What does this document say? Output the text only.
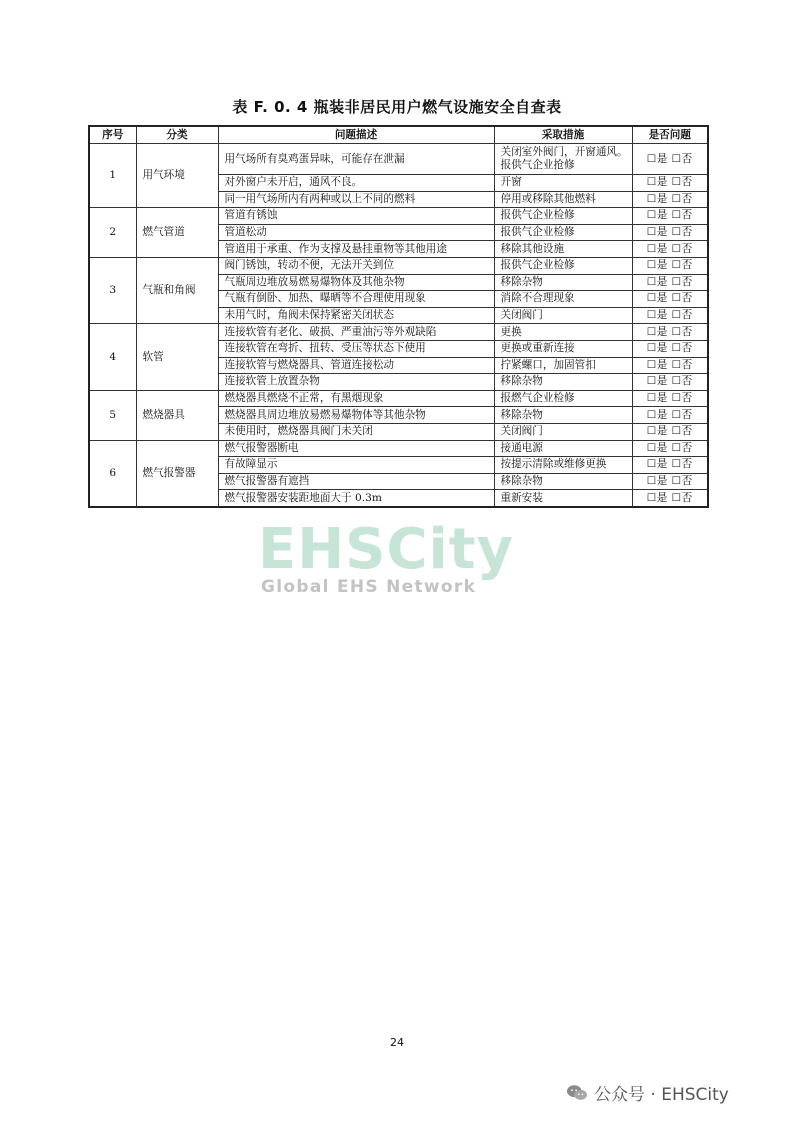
表 F. 0. 4 瓶装非居民用户燃气设施安全自查表
序号	分类	问题描述	采取措施	是否问题
1	用气环境	用气场所有臭鸡蛋异味，可能存在泄漏	关闭室外阀门，开窗通风。报供气企业抢修	☐是 ☐否
		对外窗户未开启，通风不良。	开窗	☐是 ☐否
		同一用气场所内有两种或以上不同的燃料	停用或移除其他燃料	☐是 ☐否
2	燃气管道	管道有锈蚀	报供气企业检修	☐是 ☐否
		管道松动	报供气企业检修	☐是 ☐否
		管道用于承重、作为支撑及悬挂重物等其他用途	移除其他设施	☐是 ☐否
3	气瓶和角阀	阀门锈蚀，转动不便，无法开关到位	报供气企业检修	☐是 ☐否
		气瓶周边堆放易燃易爆物体及其他杂物	移除杂物	☐是 ☐否
		气瓶有倒卧、加热、曝晒等不合理使用现象	消除不合理现象	☐是 ☐否
		未用气时，角阀未保持紧密关闭状态	关闭阀门	☐是 ☐否
4	软管	连接软管有老化、破损、严重油污等外观缺陷	更换	☐是 ☐否
		连接软管在弯折、扭转、受压等状态下使用	更换或重新连接	☐是 ☐否
		连接软管与燃烧器具、管道连接松动	拧紧螺口，加固管扣	☐是 ☐否
		连接软管上放置杂物	移除杂物	☐是 ☐否
5	燃烧器具	燃烧器具燃烧不正常，有黑烟现象	报燃气企业检修	☐是 ☐否
		燃烧器具周边堆放易燃易爆物体等其他杂物	移除杂物	☐是 ☐否
		未使用时，燃烧器具阀门未关闭	关闭阀门	☐是 ☐否
6	燃气报警器	燃气报警器断电	接通电源	☐是 ☐否
		有故障显示	按提示清除或维修更换	☐是 ☐否
		燃气报警器有遮挡	移除杂物	☐是 ☐否
		燃气报警器安装距地面大于 0.3m	重新安装	☐是 ☐否
EHSCity
Global EHS Network
24
公众号 · EHSCity
